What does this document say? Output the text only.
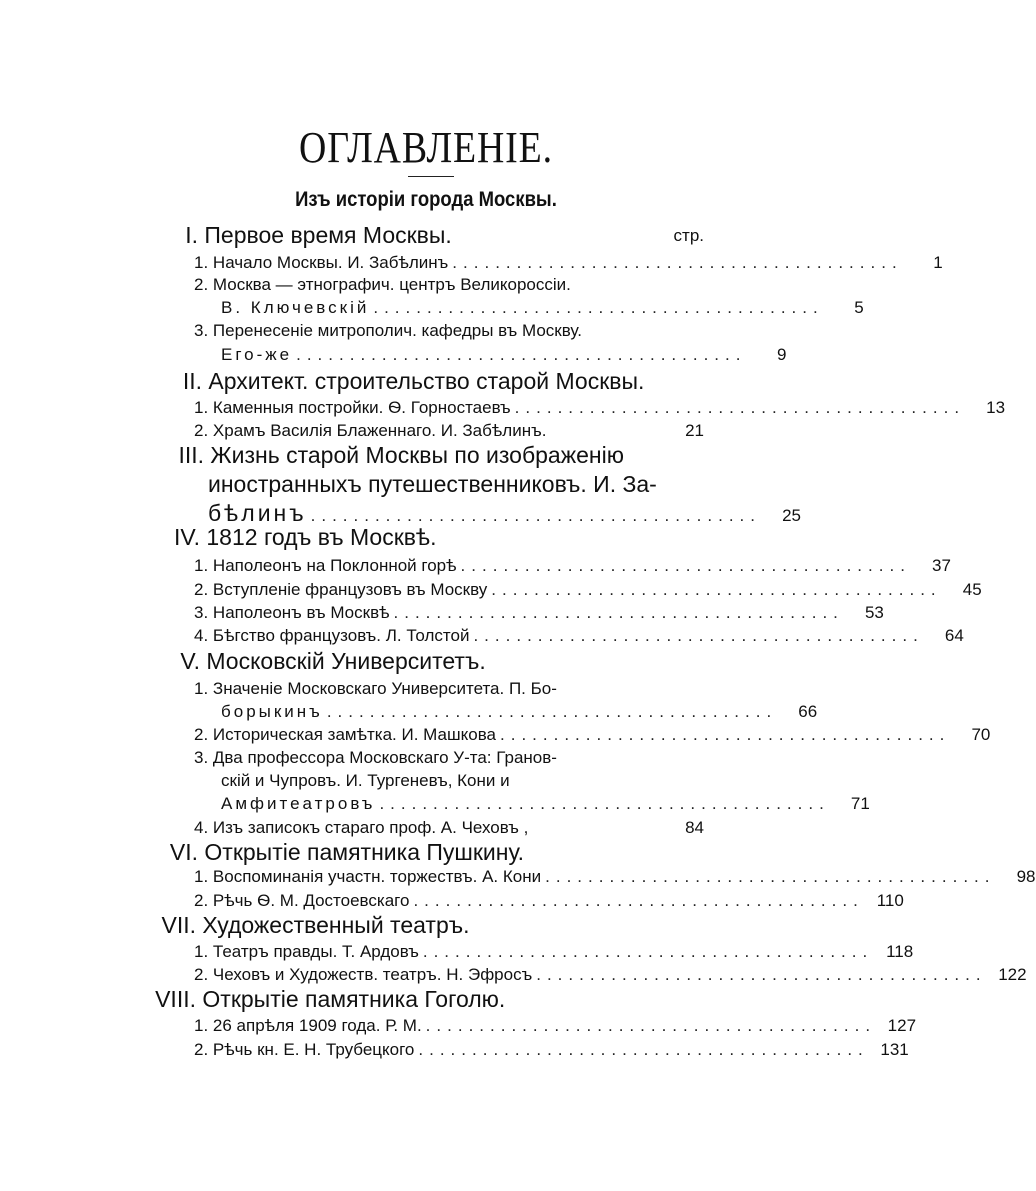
ОГЛАВЛЕНІЕ.
Изъ исторіи города Москвы.
стр.
I. Первое время Москвы.
1. Начало Москвы. И. Забѣлинъ ..........................................	1
2. Москва — этнографич. центръ Великороссіи.
В. Ключевскій ..........................................	5
3. Перенесеніе митрополич. кафедры въ Москву.
Его-же ..........................................	9
II. Архитект. строительство старой Москвы.
1. Каменныя постройки. Ѳ. Горностаевъ ..........................................	13
2. Храмъ Василія Блаженнаго. И. Забѣлинъ.	21
III. Жизнь старой Москвы по изображенію
иностранныхъ путешественниковъ. И. За-
бѣлинъ ..........................................	25
IV. 1812 годъ въ Москвѣ.
1. Наполеонъ на Поклонной горѣ ..........................................	37
2. Вступленіе французовъ въ Москву ..........................................	45
3. Наполеонъ въ Москвѣ ..........................................	53
4. Бѣгство французовъ. Л. Толстой ..........................................	64
V. Московскій Университетъ.
1. Значеніе Московскаго Университета. П. Бо-
борыкинъ ..........................................	66
2. Историческая замѣтка. И. Машкова ..........................................	70
3. Два профессора Московскаго У-та: Гранов-
скій и Чупровъ. И. Тургеневъ, Кони и
Амфитеатровъ ..........................................	71
4. Изъ записокъ стараго проф. А. Чеховъ ,	84
VI. Открытіе памятника Пушкину.
1. Воспоминанія участн. торжествъ. А. Кони ..........................................	98
2. Рѣчь Ѳ. М. Достоевскаго .......................................... 110
VII. Художественный театръ.
1. Театръ правды. Т. Ардовъ .......................................... 118
2. Чеховъ и Художеств. театръ. Н. Эфросъ .......................................... 122
VIII. Открытіе памятника Гоголю.
1. 26 апрѣля 1909 года. Р. М. .......................................... 127
2. Рѣчь кн. Е. Н. Трубецкого .......................................... 131
